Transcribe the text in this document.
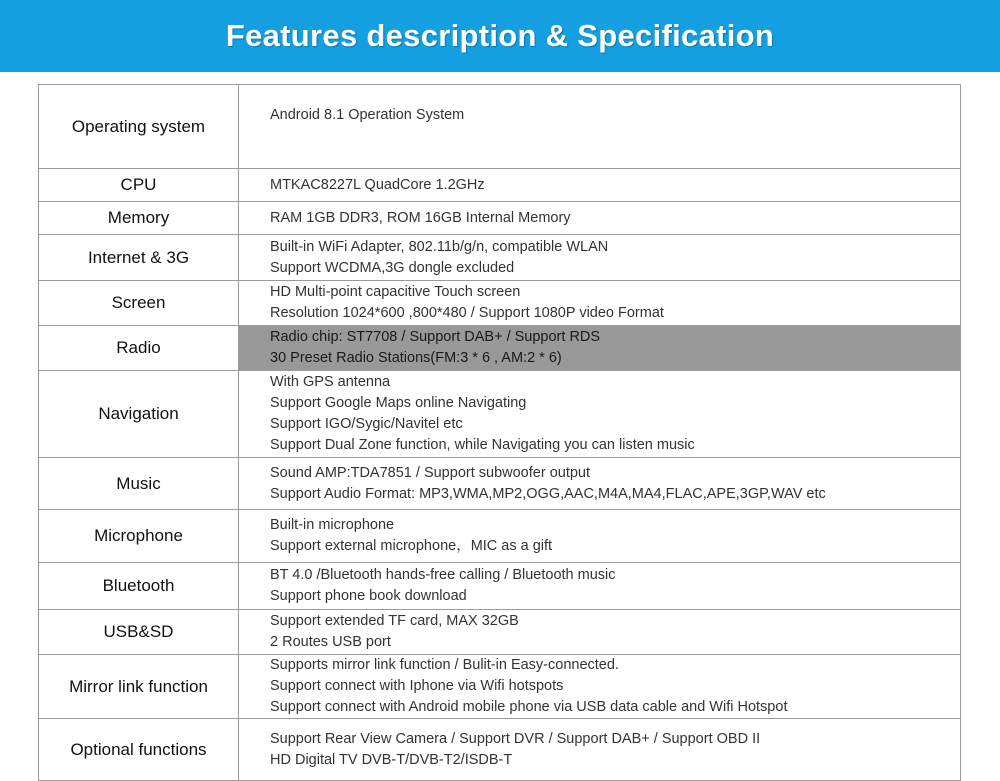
Features description & Specification
Operating system	Android 8.1 Operation System

CPU	MTKAC8227L QuadCore 1.2GHz

Memory	RAM 1GB DDR3, ROM 16GB Internal Memory

Internet & 3G	Built-in WiFi Adapter, 802.11b/g/n, compatible WLAN
Support WCDMA,3G dongle excluded

Screen	HD Multi-point capacitive Touch screen
Resolution 1024*600 ,800*480 / Support 1080P video Format

Radio	Radio chip: ST7708 / Support DAB+ / Support RDS
30 Preset Radio Stations(FM:3 * 6 , AM:2 * 6)

Navigation	With GPS antenna
Support Google Maps online Navigating
Support IGO/Sygic/Navitel etc
Support Dual Zone function, while Navigating you can listen music

Music	Sound AMP:TDA7851 / Support subwoofer output
Support Audio Format: MP3,WMA,MP2,OGG,AAC,M4A,MA4,FLAC,APE,3GP,WAV etc

Microphone	Built-in microphone
Support external microphone，MIC as a gift

Bluetooth	BT 4.0 /Bluetooth hands-free calling / Bluetooth music
Support phone book download

USB&SD	Support extended TF card, MAX 32GB
2 Routes USB port

Mirror link function	Supports mirror link function / Bulit-in Easy-connected.
Support connect with Iphone via Wifi hotspots
Support connect with Android mobile phone via USB data cable and Wifi Hotspot

Optional functions	Support Rear View Camera / Support DVR / Support DAB+ / Support OBD II
HD Digital TV DVB-T/DVB-T2/ISDB-T
